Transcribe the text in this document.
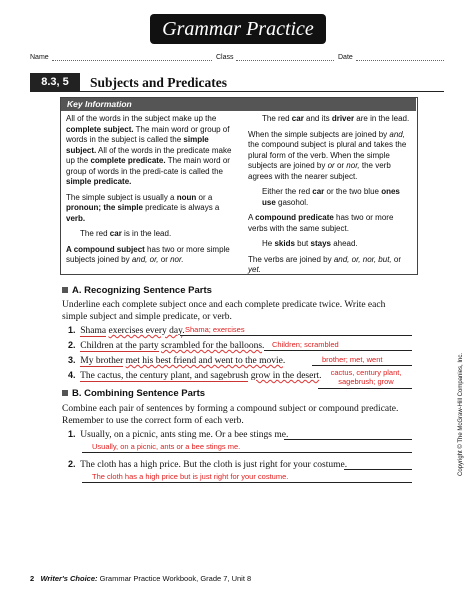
Grammar Practice
Name	Class	Date
8.3, 5	Subjects and Predicates
Key Information
All of the words in the subject make up the complete subject. The main word or group of words in the subject is called the simple subject. All of the words in the predicate make up the complete predicate. The main word or group of words in the predi-cate is called the simple predicate.
The simple subject is usually a noun or a pronoun; the simple predicate is always a verb.
The red car is in the lead.
A compound subject has two or more simple subjects joined by and, or, or nor.
The red car and its driver are in the lead.
When the simple subjects are joined by and, the compound subject is plural and takes the plural form of the verb. When the simple subjects are joined by or or nor, the verb agrees with the nearer subject.
Either the red car or the two blue ones use gasohol.
A compound predicate has two or more verbs with the same subject.
He skids but stays ahead.
The verbs are joined by and, or, nor, but, or yet.
A. Recognizing Sentence Parts
Underline each complete subject once and each complete predicate twice. Write each simple subject and simple predicate, or verb.
1. Shama exercises every day. Shama; exercises
2. Children at the party scrambled for the balloons. Children; scrambled
3. My brother met his best friend and went to the movie.	brother; met, went
4. The cactus, the century plant, and sagebrush grow in the desert.	cactus, century plant, sagebrush; grow
B. Combining Sentence Parts
Combine each pair of sentences by forming a compound subject or compound predicate. Remember to use the correct form of each verb.
1. Usually, on a picnic, ants sting me. Or a bee stings me.
Usually, on a picnic, ants or a bee stings me.
2. The cloth has a high price. But the cloth is just right for your costume.
The cloth has a high price but is just right for your costume.
Copyright © The McGraw-Hill Companies, Inc.
2 Writer's Choice: Grammar Practice Workbook, Grade 7, Unit 8
